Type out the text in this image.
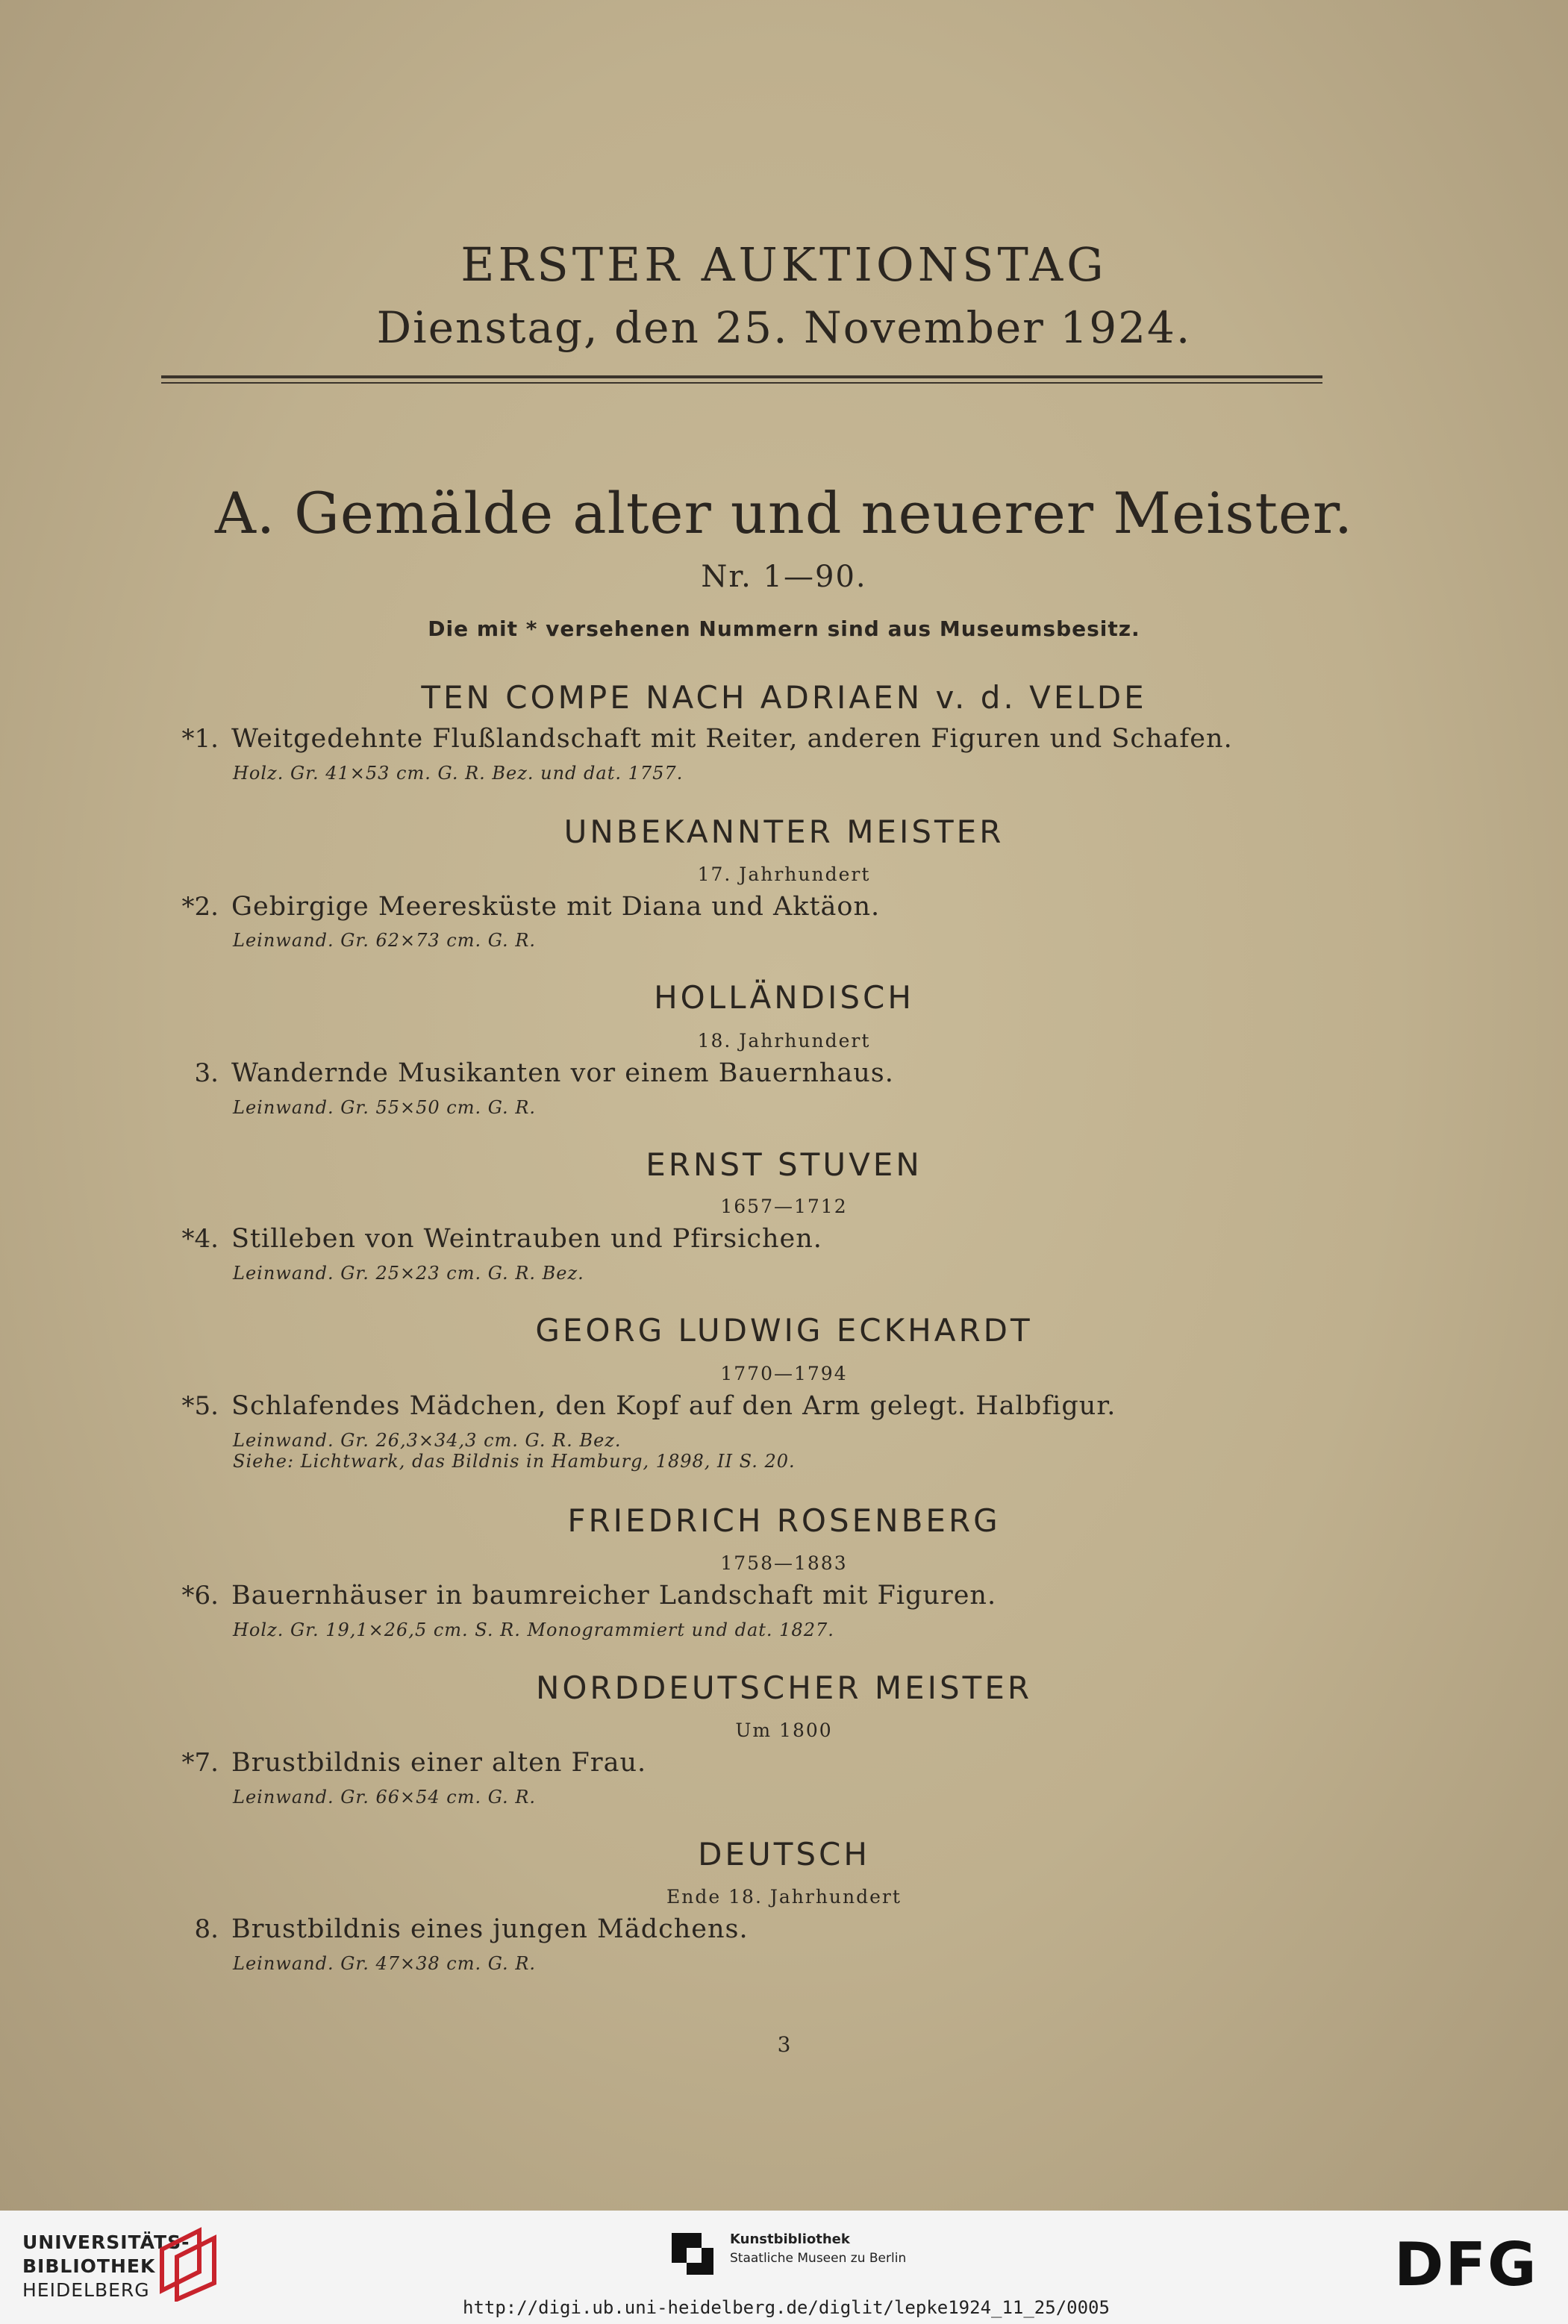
ERSTER AUKTIONSTAG
Dienstag, den 25. November 1924.
A. Gemälde alter und neuerer Meister.
Nr. 1—90.
Die mit * versehenen Nummern sind aus Museumsbesitz.
TEN COMPE NACH ADRIAEN v. d. VELDE
*1. Weitgedehnte Flußlandschaft mit Reiter, anderen Figuren und Schafen.
Holz. Gr. 41×53 cm. G. R. Bez. und dat. 1757.
UNBEKANNTER MEISTER
17. Jahrhundert
*2. Gebirgige Meeresküste mit Diana und Aktäon.
Leinwand. Gr. 62×73 cm. G. R.
HOLLÄNDISCH
18. Jahrhundert
3. Wandernde Musikanten vor einem Bauernhaus.
Leinwand. Gr. 55×50 cm. G. R.
ERNST STUVEN
1657—1712
*4. Stilleben von Weintrauben und Pfirsichen.
Leinwand. Gr. 25×23 cm. G. R. Bez.
GEORG LUDWIG ECKHARDT
1770—1794
*5. Schlafendes Mädchen, den Kopf auf den Arm gelegt. Halbfigur.
Leinwand. Gr. 26,3×34,3 cm. G. R. Bez.
Siehe: Lichtwark, das Bildnis in Hamburg, 1898, II S. 20.
FRIEDRICH ROSENBERG
1758—1883
*6. Bauernhäuser in baumreicher Landschaft mit Figuren.
Holz. Gr. 19,1×26,5 cm. S. R. Monogrammiert und dat. 1827.
NORDDEUTSCHER MEISTER
Um 1800
*7. Brustbildnis einer alten Frau.
Leinwand. Gr. 66×54 cm. G. R.
DEUTSCH
Ende 18. Jahrhundert
8. Brustbildnis eines jungen Mädchens.
Leinwand. Gr. 47×38 cm. G. R.
3
UNIVERSITÄTS-
BIBLIOTHEK
HEIDELBERG
Kunstbibliothek
Staatliche Museen zu Berlin	DFG
http://digi.ub.uni-heidelberg.de/diglit/lepke1924_11_25/0005
